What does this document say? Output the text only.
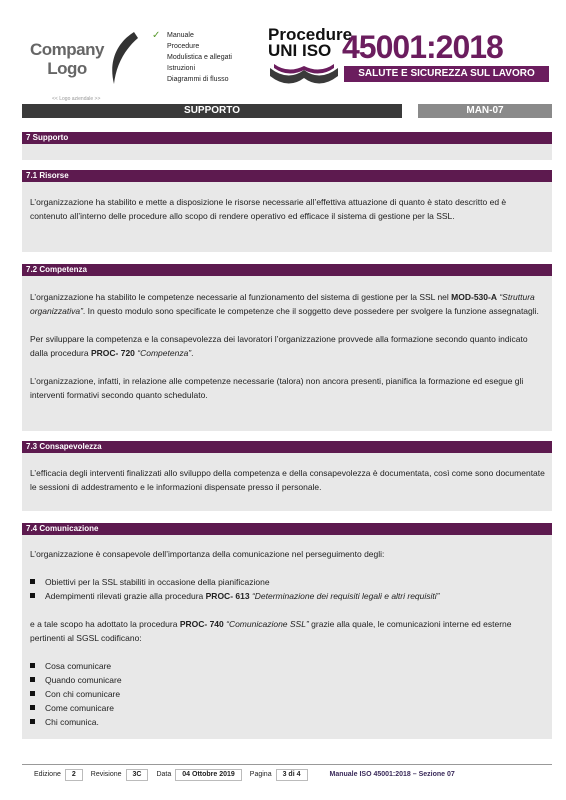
Company
Logo
<< Logo aziendale >>
✓ Manuale
Procedure
Modulistica e allegati
Istruzioni
Diagrammi di flusso
Procedure
UNI ISO 45001:2018
SALUTE E SICUREZZA SUL LAVORO
SUPPORTO	MAN-07
7 Supporto
7.1 Risorse

L’organizzazione ha stabilito e mette a disposizione le risorse necessarie all’effettiva attuazione di quanto è stato descritto ed è contenuto all’interno delle procedure allo scopo di rendere operativo ed efficace il sistema di gestione per la SSL.

7.2 Competenza

L’organizzazione ha stabilito le competenze necessarie al funzionamento del sistema di gestione per la SSL nel MOD-530-A “Struttura organizzativa”. In questo modulo sono specificate le competenze che il soggetto deve possedere per svolgere la funzione assegnatagli.

Per sviluppare la competenza e la consapevolezza dei lavoratori l’organizzazione provvede alla formazione secondo quanto indicato dalla procedura PROC- 720 “Competenza”.

L’organizzazione, infatti, in relazione alle competenze necessarie (talora) non ancora presenti, pianifica la formazione ed esegue gli interventi formativi secondo quanto schedulato.

7.3 Consapevolezza

L’efficacia degli interventi finalizzati allo sviluppo della competenza e della consapevolezza è documentata, così come sono documentate le sessioni di addestramento e le informazioni dispensate presso il personale.

7.4 Comunicazione

L’organizzazione è consapevole dell’importanza della comunicazione nel perseguimento degli:

Obiettivi per la SSL stabiliti in occasione della pianificazione
Adempimenti rilevati grazie alla procedura PROC- 613 “Determinazione dei requisiti legali e altri requisiti”

e a tale scopo ha adottato la procedura PROC- 740 “Comunicazione SSL” grazie alla quale, le comunicazioni interne ed esterne pertinenti al SGSL codificano:

Cosa comunicare
Quando comunicare
Con chi comunicare
Come comunicare
Chi comunica.
Edizione	2	Revisione	3C	Data	04 Ottobre 2019	Pagina	3 di 4	Manuale ISO 45001:2018 – Sezione 07
